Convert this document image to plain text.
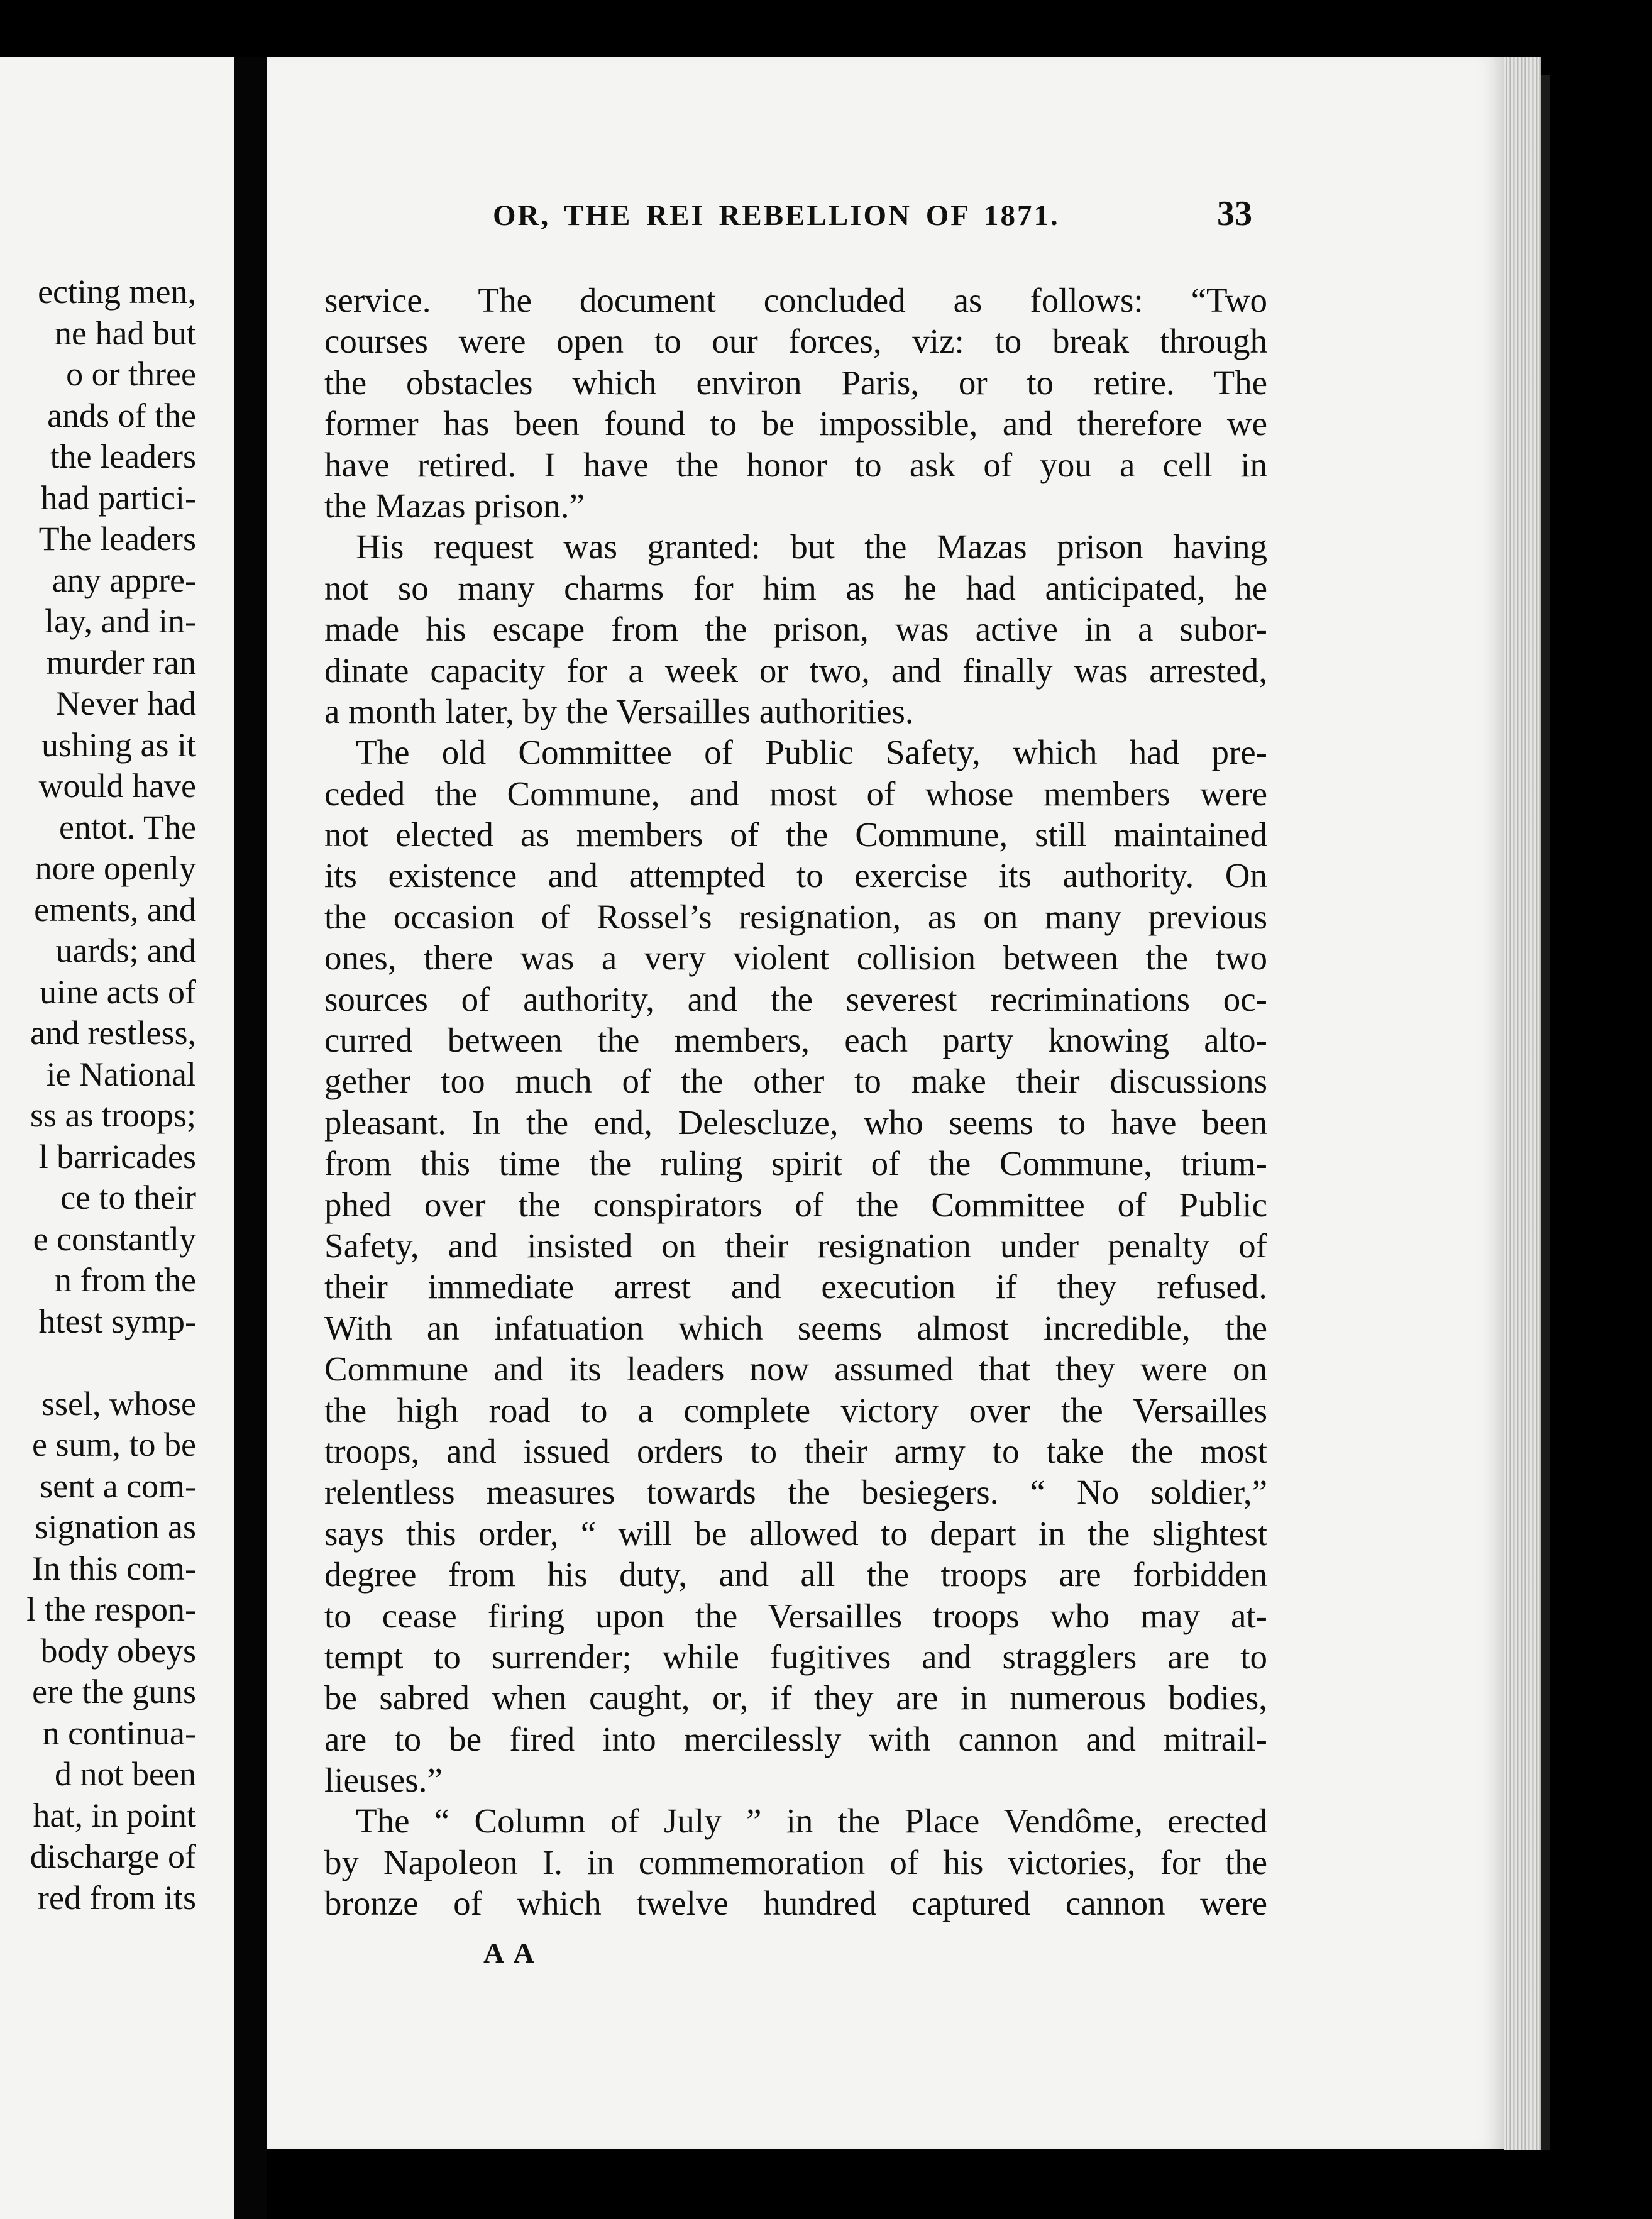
ecting men,
ne had but
o or three
ands of the
the leaders
had partici-
The leaders
any appre-
lay, and in-
murder ran
Never had
ushing as it
would have
entot. The
nore openly
ements, and
uards; and
uine acts of
and restless,
ie National
ss as troops;
l barricades
ce to their
e constantly
n from the
htest symp-
ssel, whose
e sum, to be
sent a com-
signation as
In this com-
l the respon-
body obeys
ere the guns
n continua-
d not been
hat, in point
discharge of
red from its
OR, THE REI REBELLION OF 1871.	33
service. The document concluded as follows: “Two
courses were open to our forces, viz: to break through
the obstacles which environ Paris, or to retire. The
former has been found to be impossible, and therefore we
have retired. I have the honor to ask of you a cell in
the Mazas prison.”
His request was granted: but the Mazas prison having
not so many charms for him as he had anticipated, he
made his escape from the prison, was active in a subor-
dinate capacity for a week or two, and finally was arrested,
a month later, by the Versailles authorities.
The old Committee of Public Safety, which had pre-
ceded the Commune, and most of whose members were
not elected as members of the Commune, still maintained
its existence and attempted to exercise its authority. On
the occasion of Rossel’s resignation, as on many previous
ones, there was a very violent collision between the two
sources of authority, and the severest recriminations oc-
curred between the members, each party knowing alto-
gether too much of the other to make their discussions
pleasant. In the end, Delescluze, who seems to have been
from this time the ruling spirit of the Commune, trium-
phed over the conspirators of the Committee of Public
Safety, and insisted on their resignation under penalty of
their immediate arrest and execution if they refused.
With an infatuation which seems almost incredible, the
Commune and its leaders now assumed that they were on
the high road to a complete victory over the Versailles
troops, and issued orders to their army to take the most
relentless measures towards the besiegers. “ No soldier,”
says this order, “ will be allowed to depart in the slightest
degree from his duty, and all the troops are forbidden
to cease firing upon the Versailles troops who may at-
tempt to surrender; while fugitives and stragglers are to
be sabred when caught, or, if they are in numerous bodies,
are to be fired into mercilessly with cannon and mitrail-
lieuses.”
The “ Column of July ” in the Place Vendôme, erected
by Napoleon I. in commemoration of his victories, for the
bronze of which twelve hundred captured cannon were
A A
